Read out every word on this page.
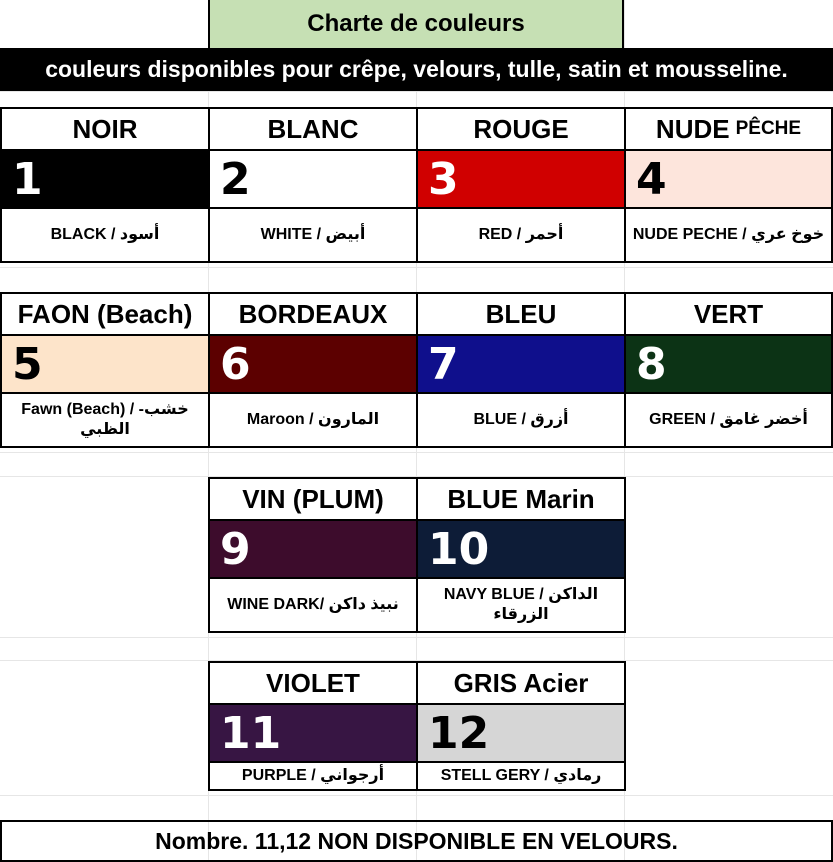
Charte de couleurs
couleurs disponibles pour crêpe, velours, tulle, satin et mousseline.
NOIR
1
BLACK / أسود
BLANC
2
WHITE / أبيض
ROUGE
3
RED / أحمر
NUDE PÊCHE
4
NUDE PECHE / خوخ عري
FAON (Beach)
5
Fawn (Beach) / خشب-الظبي
BORDEAUX
6
Maroon / المارون
BLEU
7
BLUE / أزرق
VERT
8
GREEN / أخضر غامق
VIN (PLUM)
9
WINE DARK/ نبيذ داكن
BLUE Marin
10
NAVY BLUE / الداكن الزرقاء
VIOLET
11
PURPLE / أرجواني
GRIS Acier
12
STELL GERY / رمادي
Nombre. 11,12 NON DISPONIBLE EN VELOURS.
